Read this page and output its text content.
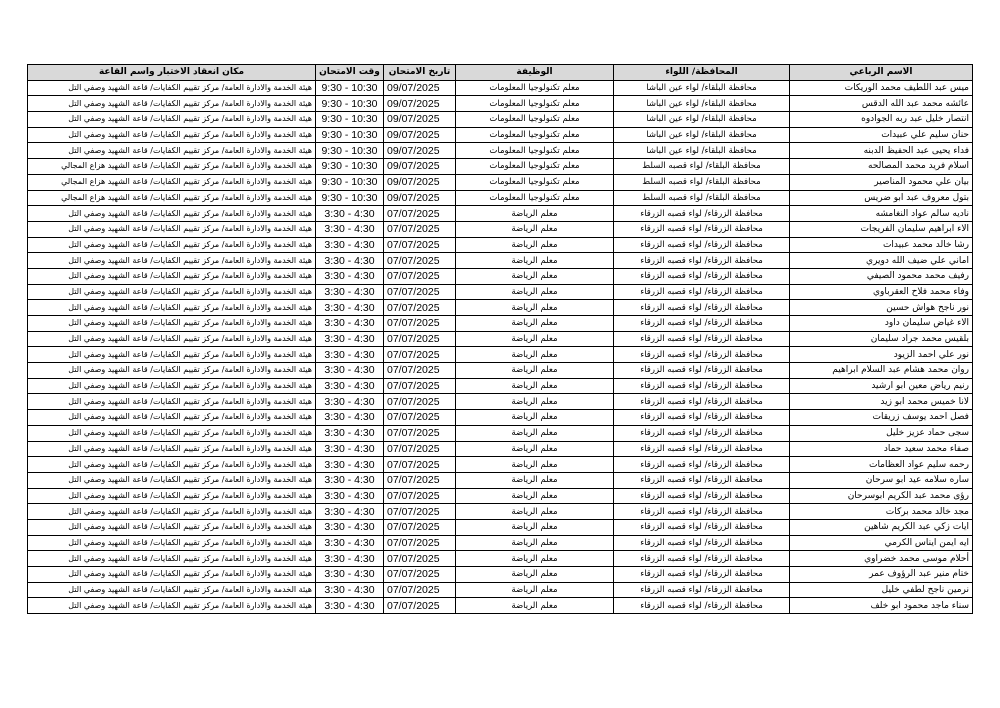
الاسم الرباعي	المحافظة/ اللواء	الوظيفة	تاريخ الامتحان	وقت الامتحان	مكان انعقاد الاختبار واسم القاعة
ميس عبد اللطيف محمد الوريكات	محافظة البلقاء/ لواء عين الباشا	معلم تكنولوجيا المعلومات	09/07/2025	9:30 - 10:30	هيئة الخدمة والادارة العامة/ مركز تقييم الكفايات/ قاعة الشهيد وصفي التل
عائشه محمد عبد الله الدقس	محافظة البلقاء/ لواء عين الباشا	معلم تكنولوجيا المعلومات	09/07/2025	9:30 - 10:30	هيئة الخدمة والادارة العامة/ مركز تقييم الكفايات/ قاعة الشهيد وصفي التل
انتصار خليل عبد ربه الجوادوه	محافظة البلقاء/ لواء عين الباشا	معلم تكنولوجيا المعلومات	09/07/2025	9:30 - 10:30	هيئة الخدمة والادارة العامة/ مركز تقييم الكفايات/ قاعة الشهيد وصفي التل
حنان سليم علي عبيدات	محافظة البلقاء/ لواء عين الباشا	معلم تكنولوجيا المعلومات	09/07/2025	9:30 - 10:30	هيئة الخدمة والادارة العامة/ مركز تقييم الكفايات/ قاعة الشهيد وصفي التل
فداء يحيى عبد الحفيظ الدبنه	محافظة البلقاء/ لواء عين الباشا	معلم تكنولوجيا المعلومات	09/07/2025	9:30 - 10:30	هيئة الخدمة والادارة العامة/ مركز تقييم الكفايات/ قاعة الشهيد وصفي التل
اسلام فريد محمد المصالحه	محافظة البلقاء/ لواء قصبه السلط	معلم تكنولوجيا المعلومات	09/07/2025	9:30 - 10:30	هيئة الخدمة والادارة العامة/ مركز تقييم الكفايات/ قاعة الشهيد هزاع المجالي
بيان علي محمود المناصير	محافظة البلقاء/ لواء قصبه السلط	معلم تكنولوجيا المعلومات	09/07/2025	9:30 - 10:30	هيئة الخدمة والادارة العامة/ مركز تقييم الكفايات/ قاعة الشهيد هزاع المجالي
بتول معروف عبد ابو ضريس	محافظة البلقاء/ لواء قصبه السلط	معلم تكنولوجيا المعلومات	09/07/2025	9:30 - 10:30	هيئة الخدمة والادارة العامة/ مركز تقييم الكفايات/ قاعة الشهيد هزاع المجالي
ناديه سالم عواد النغامشه	محافظة الزرقاء/ لواء قصبه الزرقاء	معلم الرياضة	07/07/2025	3:30 - 4:30	هيئة الخدمة والادارة العامة/ مركز تقييم الكفايات/ قاعة الشهيد وصفي التل
الاء ابراهيم سليمان الفريجات	محافظة الزرقاء/ لواء قصبه الزرقاء	معلم الرياضة	07/07/2025	3:30 - 4:30	هيئة الخدمة والادارة العامة/ مركز تقييم الكفايات/ قاعة الشهيد وصفي التل
رشا خالد محمد عبيدات	محافظة الزرقاء/ لواء قصبه الزرقاء	معلم الرياضة	07/07/2025	3:30 - 4:30	هيئة الخدمة والادارة العامة/ مركز تقييم الكفايات/ قاعة الشهيد وصفي التل
اماني علي ضيف الله دويري	محافظة الزرقاء/ لواء قصبه الزرقاء	معلم الرياضة	07/07/2025	3:30 - 4:30	هيئة الخدمة والادارة العامة/ مركز تقييم الكفايات/ قاعة الشهيد وصفي التل
رفيف محمد محمود الصيفي	محافظة الزرقاء/ لواء قصبه الزرقاء	معلم الرياضة	07/07/2025	3:30 - 4:30	هيئة الخدمة والادارة العامة/ مركز تقييم الكفايات/ قاعة الشهيد وصفي التل
وفاء محمد فلاح العقرباوي	محافظة الزرقاء/ لواء قصبه الزرقاء	معلم الرياضة	07/07/2025	3:30 - 4:30	هيئة الخدمة والادارة العامة/ مركز تقييم الكفايات/ قاعة الشهيد وصفي التل
نور ناجح هواش حسين	محافظة الزرقاء/ لواء قصبه الزرقاء	معلم الرياضة	07/07/2025	3:30 - 4:30	هيئة الخدمة والادارة العامة/ مركز تقييم الكفايات/ قاعة الشهيد وصفي التل
الاء غياض سليمان داود	محافظة الزرقاء/ لواء قصبه الزرقاء	معلم الرياضة	07/07/2025	3:30 - 4:30	هيئة الخدمة والادارة العامة/ مركز تقييم الكفايات/ قاعة الشهيد وصفي التل
بلقيس محمد جراد سليمان	محافظة الزرقاء/ لواء قصبه الزرقاء	معلم الرياضة	07/07/2025	3:30 - 4:30	هيئة الخدمة والادارة العامة/ مركز تقييم الكفايات/ قاعة الشهيد وصفي التل
نور علي احمد الزيود	محافظة الزرقاء/ لواء قصبه الزرقاء	معلم الرياضة	07/07/2025	3:30 - 4:30	هيئة الخدمة والادارة العامة/ مركز تقييم الكفايات/ قاعة الشهيد وصفي التل
روان محمد هشام عبد السلام ابراهيم	محافظة الزرقاء/ لواء قصبه الزرقاء	معلم الرياضة	07/07/2025	3:30 - 4:30	هيئة الخدمة والادارة العامة/ مركز تقييم الكفايات/ قاعة الشهيد وصفي التل
رنيم رياض معين ابو ارشيد	محافظة الزرقاء/ لواء قصبه الزرقاء	معلم الرياضة	07/07/2025	3:30 - 4:30	هيئة الخدمة والادارة العامة/ مركز تقييم الكفايات/ قاعة الشهيد وصفي التل
لانا خميس محمد ابو زيد	محافظة الزرقاء/ لواء قصبه الزرقاء	معلم الرياضة	07/07/2025	3:30 - 4:30	هيئة الخدمة والادارة العامة/ مركز تقييم الكفايات/ قاعة الشهيد وصفي التل
فصل احمد يوسف زريقات	محافظة الزرقاء/ لواء قصبه الزرقاء	معلم الرياضة	07/07/2025	3:30 - 4:30	هيئة الخدمة والادارة العامة/ مركز تقييم الكفايات/ قاعة الشهيد وصفي التل
سجى حماد عزيز خليل	محافظة الزرقاء/ لواء قصبه الزرقاء	معلم الرياضة	07/07/2025	3:30 - 4:30	هيئة الخدمة والادارة العامة/ مركز تقييم الكفايات/ قاعة الشهيد وصفي التل
صفاء محمد سعيد حماد	محافظة الزرقاء/ لواء قصبه الزرقاء	معلم الرياضة	07/07/2025	3:30 - 4:30	هيئة الخدمة والادارة العامة/ مركز تقييم الكفايات/ قاعة الشهيد وصفي التل
رحمه سليم عواد العظامات	محافظة الزرقاء/ لواء قصبه الزرقاء	معلم الرياضة	07/07/2025	3:30 - 4:30	هيئة الخدمة والادارة العامة/ مركز تقييم الكفايات/ قاعة الشهيد وصفي التل
ساره سلامه عيد ابو سرحان	محافظة الزرقاء/ لواء قصبه الزرقاء	معلم الرياضة	07/07/2025	3:30 - 4:30	هيئة الخدمة والادارة العامة/ مركز تقييم الكفايات/ قاعة الشهيد وصفي التل
رؤى محمد عبد الكريم ابوسرحان	محافظة الزرقاء/ لواء قصبه الزرقاء	معلم الرياضة	07/07/2025	3:30 - 4:30	هيئة الخدمة والادارة العامة/ مركز تقييم الكفايات/ قاعة الشهيد وصفي التل
مجد خالد محمد بركات	محافظة الزرقاء/ لواء قصبه الزرقاء	معلم الرياضة	07/07/2025	3:30 - 4:30	هيئة الخدمة والادارة العامة/ مركز تقييم الكفايات/ قاعة الشهيد وصفي التل
ايات زكي عبد الكريم شاهين	محافظة الزرقاء/ لواء قصبه الزرقاء	معلم الرياضة	07/07/2025	3:30 - 4:30	هيئة الخدمة والادارة العامة/ مركز تقييم الكفايات/ قاعة الشهيد وصفي التل
ايه ايمن ايناس الكرمي	محافظة الزرقاء/ لواء قصبه الزرقاء	معلم الرياضة	07/07/2025	3:30 - 4:30	هيئة الخدمة والادارة العامة/ مركز تقييم الكفايات/ قاعة الشهيد وصفي التل
أحلام موسى محمد خضراوي	محافظة الزرقاء/ لواء قصبه الزرقاء	معلم الرياضة	07/07/2025	3:30 - 4:30	هيئة الخدمة والادارة العامة/ مركز تقييم الكفايات/ قاعة الشهيد وصفي التل
ختام منير عبد الرؤوف عمر	محافظة الزرقاء/ لواء قصبه الزرقاء	معلم الرياضة	07/07/2025	3:30 - 4:30	هيئة الخدمة والادارة العامة/ مركز تقييم الكفايات/ قاعة الشهيد وصفي التل
نرمين ناجح لطفي خليل	محافظة الزرقاء/ لواء قصبه الزرقاء	معلم الرياضة	07/07/2025	3:30 - 4:30	هيئة الخدمة والادارة العامة/ مركز تقييم الكفايات/ قاعة الشهيد وصفي التل
سناء ماجد محمود ابو خلف	محافظة الزرقاء/ لواء قصبه الزرقاء	معلم الرياضة	07/07/2025	3:30 - 4:30	هيئة الخدمة والادارة العامة/ مركز تقييم الكفايات/ قاعة الشهيد وصفي التل
